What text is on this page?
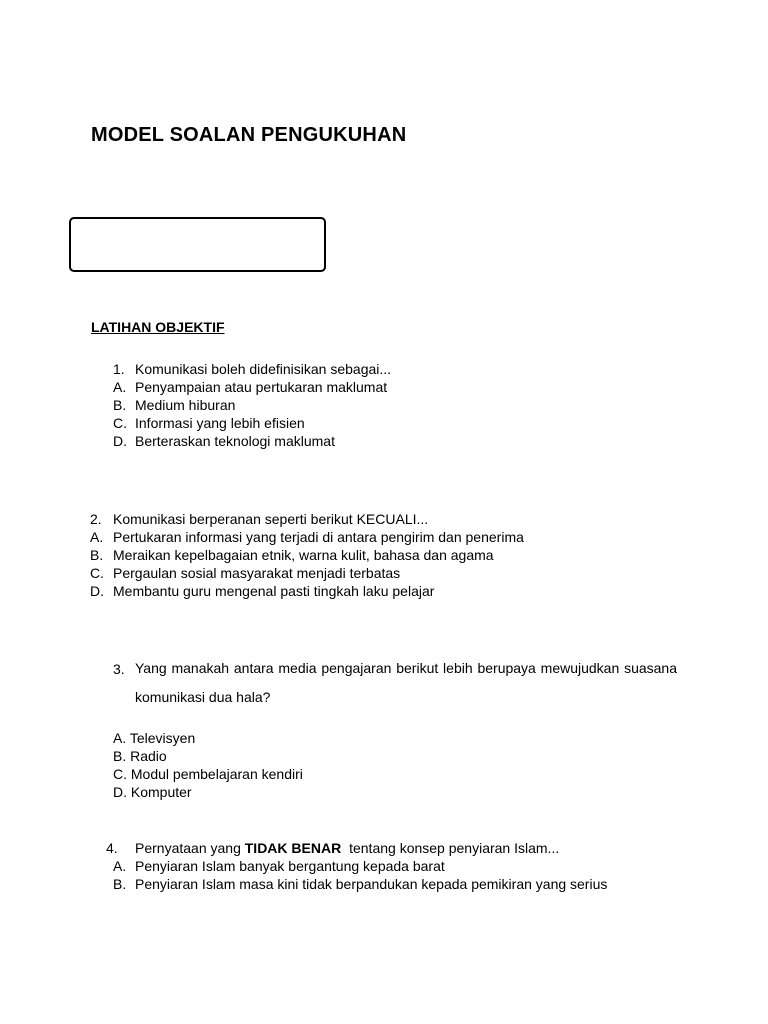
MODEL SOALAN PENGUKUHAN
LATIHAN OBJEKTIF
1. Komunikasi boleh didefinisikan sebagai...
A. Penyampaian atau pertukaran maklumat
B. Medium hiburan
C. Informasi yang lebih efisien
D. Berteraskan teknologi maklumat
2. Komunikasi berperanan seperti berikut KECUALI...
A. Pertukaran informasi yang terjadi di antara pengirim dan penerima
B. Meraikan kepelbagaian etnik, warna kulit, bahasa dan agama
C. Pergaulan sosial masyarakat menjadi terbatas
D. Membantu guru mengenal pasti tingkah laku pelajar
3. Yang manakah antara media pengajaran berikut lebih berupaya mewujudkan suasana komunikasi dua hala?
A. Televisyen
B. Radio
C. Modul pembelajaran kendiri
D. Komputer
4.	Pernyataan yang
TIDAK BENAR
tentang konsep penyiaran Islam...
A. Penyiaran Islam banyak bergantung kepada barat
B. Penyiaran Islam masa kini tidak berpandukan kepada pemikiran yang serius
